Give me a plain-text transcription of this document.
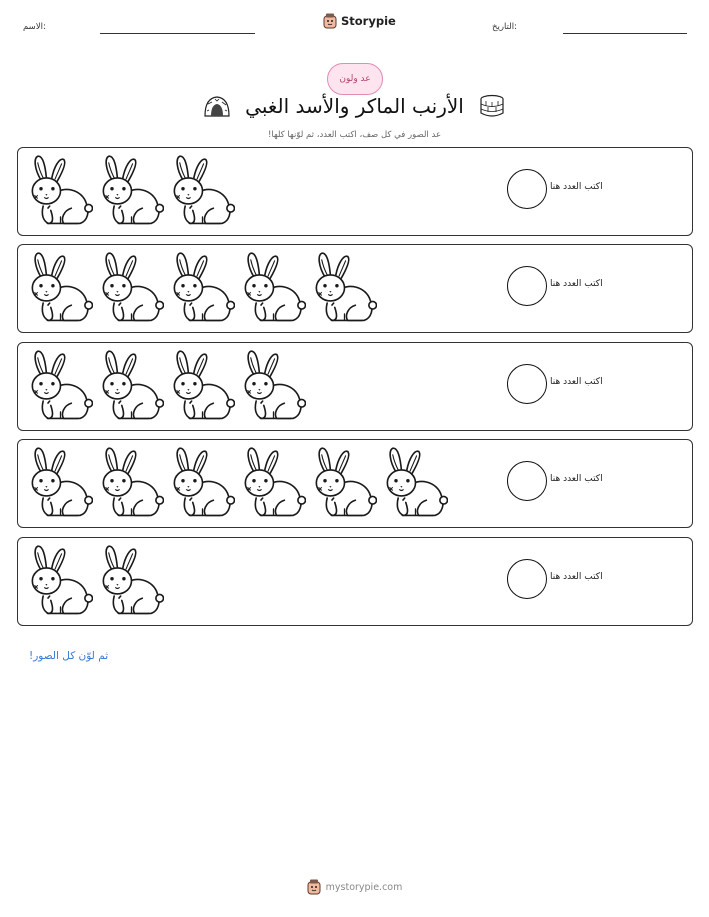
الاسم:	Storypie	التاريخ:
عد ولون
الأرنب الماكر والأسد الغبي
عد الصور في كل صف، اكتب العدد، ثم لوّنها كلها!
اكتب العدد هنا
اكتب العدد هنا
اكتب العدد هنا
اكتب العدد هنا
اكتب العدد هنا
ثم لوّن كل الصور!
mystorypie.com
